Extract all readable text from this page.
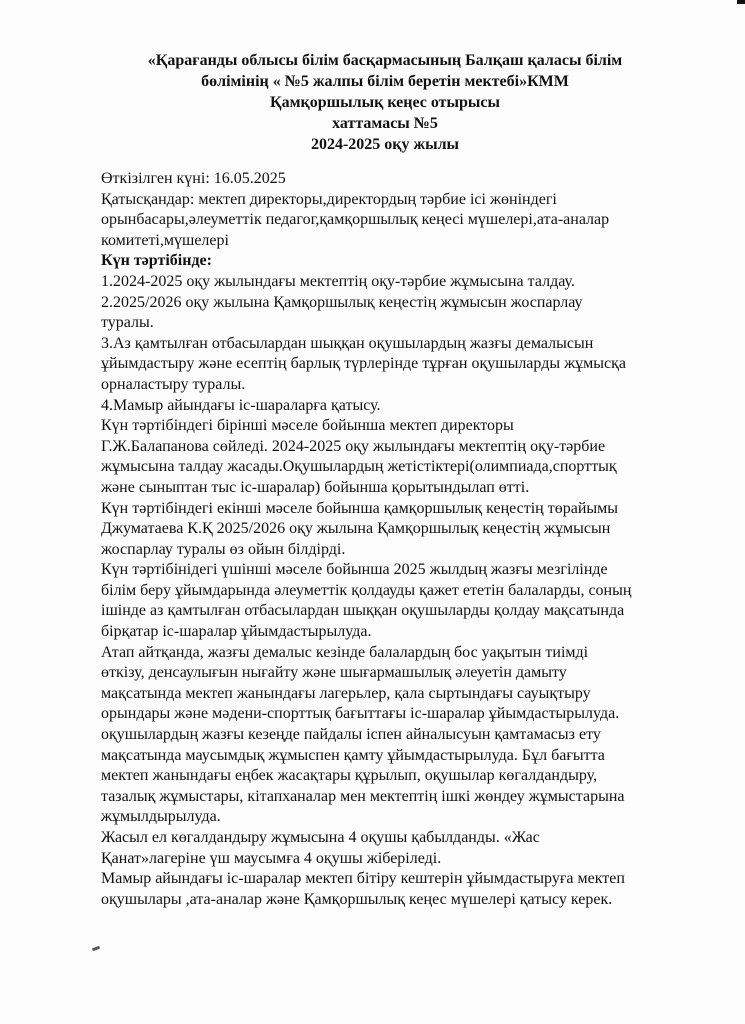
«Қарағанды облысы білім басқармасының Балқаш қаласы білім
бөлімінің « №5 жалпы білім беретін мектебі»КММ
Қамқоршылық кеңес отырысы
хаттамасы №5
2024-2025 оқу жылы
Өткізілген күні: 16.05.2025
Қатысқандар: мектеп директоры,директордың тәрбие ісі жөніндегі
орынбасары,әлеуметтік педагог,қамқоршылық кеңесі мүшелері,ата-аналар
комитеті,мүшелері
Күн тәртібінде:
1.2024-2025 оқу жылындағы мектептің оқу-тәрбие жұмысына талдау.
2.2025/2026 оқу жылына Қамқоршылық кеңестің жұмысын жоспарлау
туралы.
3.Аз қамтылған отбасылардан шыққан оқушылардың жазғы демалысын
ұйымдастыру және есептің барлық түрлерінде тұрған оқушыларды жұмысқа
орналастыру туралы.
4.Мамыр айындағы іс-шараларға қатысу.
Күн тәртібіндегі бірінші мәселе бойынша мектеп директоры
Г.Ж.Балапанова сөйледі. 2024-2025 оқу жылындағы мектептің оқу-тәрбие
жұмысына талдау жасады.Оқушылардың жетістіктері(олимпиада,спорттық
және сыныптан тыс іс-шаралар) бойынша қорытындылап өтті.
Күн тәртібіндегі екінші мәселе бойынша қамқоршылық кеңестің төрайымы
Джуматаева К.Қ 2025/2026 оқу жылына Қамқоршылық кеңестің жұмысын
жоспарлау туралы өз ойын білдірді.
Күн тәртібінідегі үшінші мәселе бойынша 2025 жылдың жазғы мезгілінде
білім беру ұйымдарында әлеуметтік қолдауды қажет ететін балаларды, соның
ішінде аз қамтылған отбасылардан шыққан оқушыларды қолдау мақсатында
бірқатар іс-шаралар ұйымдастырылуда.
Атап айтқанда, жазғы демалыс кезінде балалардың бос уақытын тиімді
өткізу, денсаулығын нығайту және шығармашылық әлеуетін дамыту
мақсатында мектеп жанындағы лагерьлер, қала сыртындағы сауықтыру
орындары және мәдени-спорттық бағыттағы іс-шаралар ұйымдастырылуда.
оқушылардың жазғы кезеңде пайдалы іспен айналысуын қамтамасыз ету
мақсатында маусымдық жұмыспен қамту ұйымдастырылуда. Бұл бағытта
мектеп жанындағы еңбек жасақтары құрылып, оқушылар көгалдандыру,
тазалық жұмыстары, кітапханалар мен мектептің ішкі жөндеу жұмыстарына
жұмылдырылуда.
Жасыл ел көгалдандыру жұмысына 4 оқушы қабылданды. «Жас
Қанат»лагеріне үш маусымға 4 оқушы жіберіледі.
Мамыр айындағы іс-шаралар мектеп бітіру кештерін ұйымдастыруға мектеп
оқушылары ,ата-аналар және Қамқоршылық кеңес мүшелері қатысу керек.
